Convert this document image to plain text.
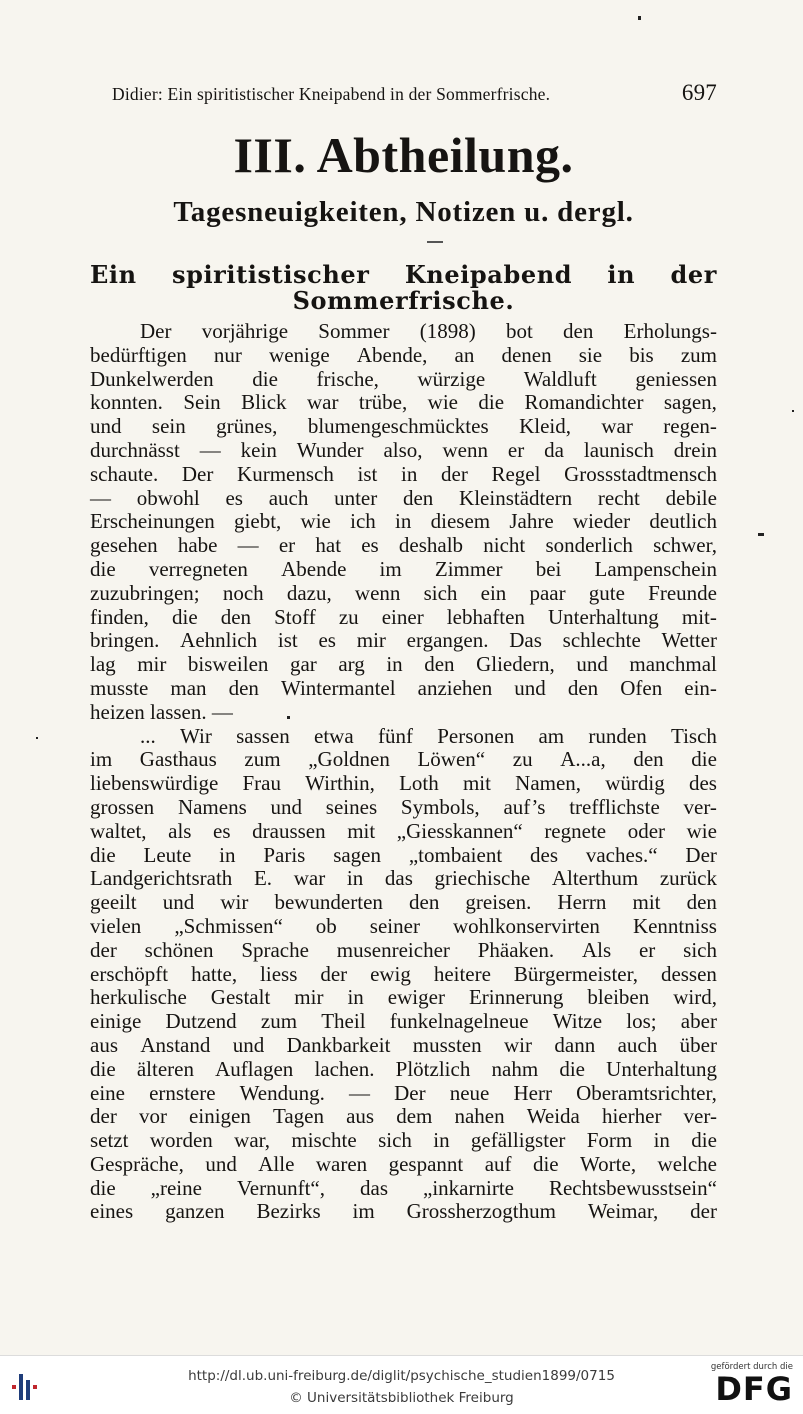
Didier: Ein spiritistischer Kneipabend in der Sommerfrische.	697
III. Abtheilung.
Tagesneuigkeiten, Notizen u. dergl.
Ein spiritistischer Kneipabend in der
Sommerfrische.
Der vorjährige Sommer (1898) bot den Erholungs-
bedürftigen nur wenige Abende, an denen sie bis zum
Dunkelwerden die frische, würzige Waldluft geniessen
konnten. Sein Blick war trübe, wie die Romandichter sagen,
und sein grünes, blumengeschmücktes Kleid, war regen-
durchnässt — kein Wunder also, wenn er da launisch drein
schaute. Der Kurmensch ist in der Regel Grossstadtmensch
— obwohl es auch unter den Kleinstädtern recht debile
Erscheinungen giebt, wie ich in diesem Jahre wieder deutlich
gesehen habe — er hat es deshalb nicht sonderlich schwer,
die verregneten Abende im Zimmer bei Lampenschein
zuzubringen; noch dazu, wenn sich ein paar gute Freunde
finden, die den Stoff zu einer lebhaften Unterhaltung mit-
bringen. Aehnlich ist es mir ergangen. Das schlechte Wetter
lag mir bisweilen gar arg in den Gliedern, und manchmal
musste man den Wintermantel anziehen und den Ofen ein-
heizen lassen. —
... Wir sassen etwa fünf Personen am runden Tisch
im Gasthaus zum „Goldnen Löwen“ zu A...a, den die
liebenswürdige Frau Wirthin, Loth mit Namen, würdig des
grossen Namens und seines Symbols, auf’s trefflichste ver-
waltet, als es draussen mit „Giesskannen“ regnete oder wie
die Leute in Paris sagen „tombaient des vaches.“ Der
Landgerichtsrath E. war in das griechische Alterthum zurück
geeilt und wir bewunderten den greisen. Herrn mit den
vielen „Schmissen“ ob seiner wohlkonservirten Kenntniss
der schönen Sprache musenreicher Phäaken. Als er sich
erschöpft hatte, liess der ewig heitere Bürgermeister, dessen
herkulische Gestalt mir in ewiger Erinnerung bleiben wird,
einige Dutzend zum Theil funkelnagelneue Witze los; aber
aus Anstand und Dankbarkeit mussten wir dann auch über
die älteren Auflagen lachen. Plötzlich nahm die Unterhaltung
eine ernstere Wendung. — Der neue Herr Oberamtsrichter,
der vor einigen Tagen aus dem nahen Weida hierher ver-
setzt worden war, mischte sich in gefälligster Form in die
Gespräche, und Alle waren gespannt auf die Worte, welche
die „reine Vernunft“, das „inkarnirte Rechtsbewusstsein“
eines ganzen Bezirks im Grossherzogthum Weimar, der
http://dl.ub.uni-freiburg.de/diglit/psychische_studien1899/0715
© Universitätsbibliothek Freiburg
gefördert durch die
DFG
